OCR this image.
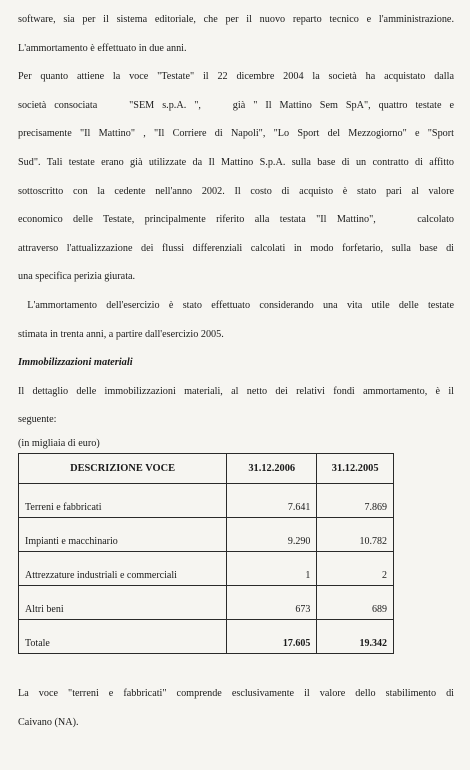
software, sia per il sistema editoriale, che per il nuovo reparto tecnico e l'amministrazione.
L'ammortamento è effettuato in due anni.
Per quanto attiene la voce "Testate" il 22 dicembre 2004 la società ha acquistato dalla
società consociata    "SEM s.p.A. ",    già " Il Mattino Sem SpA", quattro testate e
precisamente "Il Mattino" , "Il Corriere di Napoli", "Lo Sport del Mezzogiorno" e "Sport
Sud". Tali testate erano già utilizzate da Il Mattino S.p.A. sulla base di un contratto di affitto
sottoscritto con la cedente nell'anno 2002. Il costo di acquisto è stato pari al valore
economico delle Testate, principalmente riferito alla testata "Il Mattino",    calcolato
attraverso l'attualizzazione dei flussi differenziali calcolati in modo forfetario, sulla base di
una specifica perizia giurata.
L'ammortamento dell'esercizio è stato effettuato considerando una vita utile delle testate
stimata in trenta anni, a partire dall'esercizio 2005.
Immobilizzazioni materiali
Il dettaglio delle immobilizzazioni materiali, al netto dei relativi fondi ammortamento, è il
seguente:
(in migliaia di euro)
DESCRIZIONE VOCE	31.12.2006	31.12.2005
Terreni e fabbricati	7.641	7.869
Impianti e macchinario	9.290	10.782
Attrezzature industriali e commerciali	1	2
Altri beni	673	689
Totale	17.605	19.342
La voce "terreni e fabbricati" comprende esclusivamente il valore dello stabilimento di
Caivano (NA).
